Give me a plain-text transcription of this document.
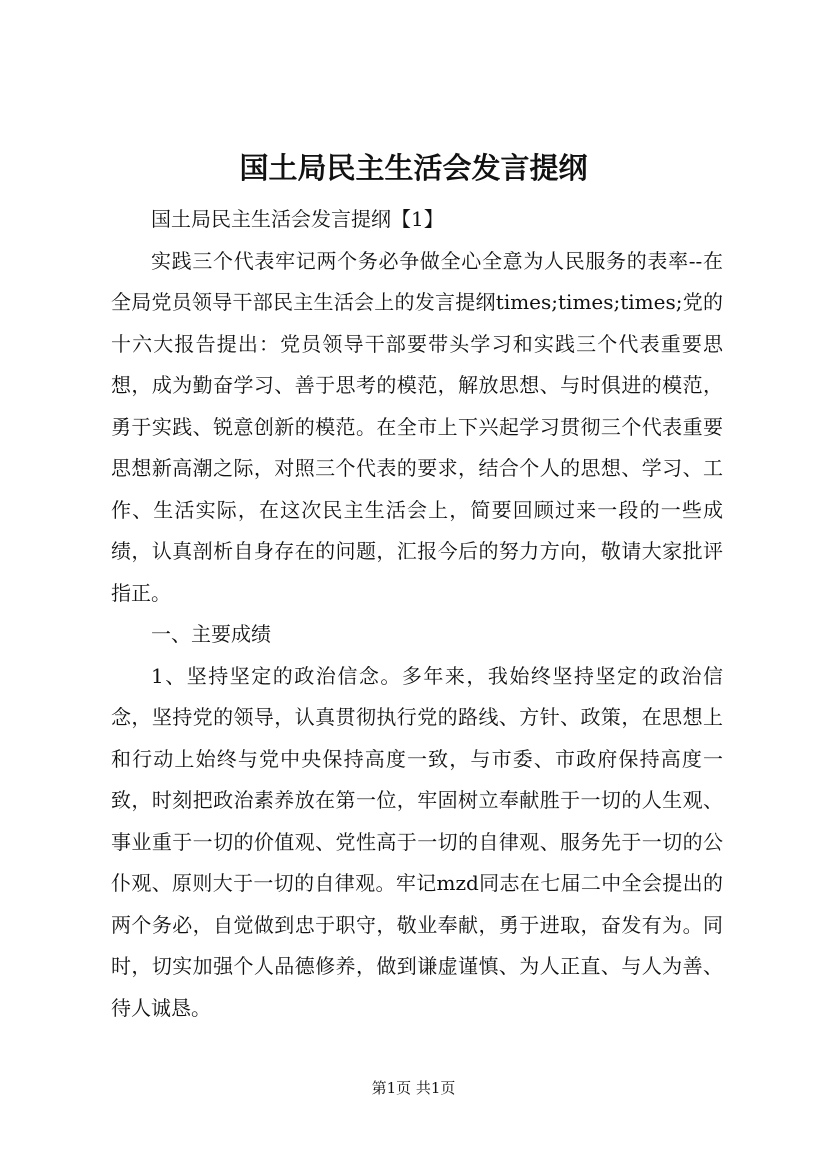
国土局民主生活会发言提纲

国土局民主生活会发言提纲【1】

实践三个代表牢记两个务必争做全心全意为人民服务的表率--在全局党员领导干部民主生活会上的发言提纲times;times;times;党的十六大报告提出：党员领导干部要带头学习和实践三个代表重要思想，成为勤奋学习、善于思考的模范，解放思想、与时俱进的模范，勇于实践、锐意创新的模范。在全市上下兴起学习贯彻三个代表重要思想新高潮之际，对照三个代表的要求，结合个人的思想、学习、工作、生活实际，在这次民主生活会上，简要回顾过来一段的一些成绩，认真剖析自身存在的问题，汇报今后的努力方向，敬请大家批评指正。

一、主要成绩

1、坚持坚定的政治信念。多年来，我始终坚持坚定的政治信念，坚持党的领导，认真贯彻执行党的路线、方针、政策，在思想上和行动上始终与党中央保持高度一致，与市委、市政府保持高度一致，时刻把政治素养放在第一位，牢固树立奉献胜于一切的人生观、事业重于一切的价值观、党性高于一切的自律观、服务先于一切的公仆观、原则大于一切的自律观。牢记mzd同志在七届二中全会提出的两个务必，自觉做到忠于职守，敬业奉献，勇于进取，奋发有为。同时，切实加强个人品德修养，做到谦虚谨慎、为人正直、与人为善、待人诚恳。

第1页 共1页
